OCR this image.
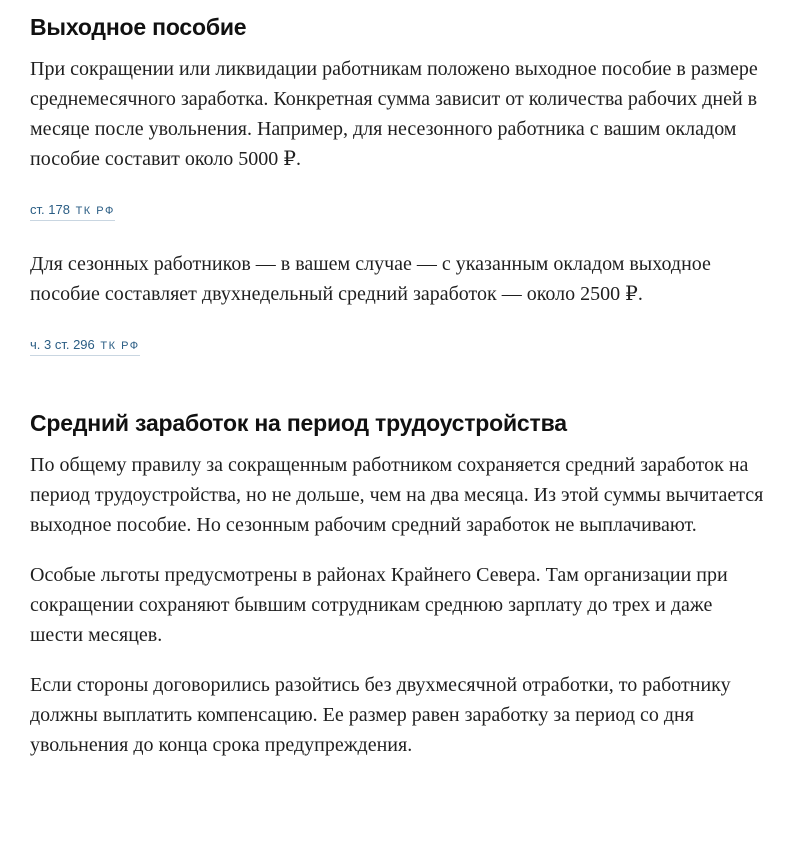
Выходное пособие

При сокращении или ликвидации работникам положено выходное пособие в размере среднемесячного заработка. Конкретная сумма зависит от количества рабочих дней в месяце после увольнения. Например, для несезонного работника с вашим окладом пособие составит около 5000 ₽.

ст. 178 ТК РФ

Для сезонных работников — в вашем случае — с указанным окладом выходное пособие составляет двухнедельный средний заработок — около 2500 ₽.

ч. 3 ст. 296 ТК РФ
Средний заработок на период трудоустройства

По общему правилу за сокращенным работником сохраняется средний заработок на период трудоустройства, но не дольше, чем на два месяца. Из этой суммы вычитается выходное пособие. Но сезонным рабочим средний заработок не выплачивают.

Особые льготы предусмотрены в районах Крайнего Севера. Там организации при сокращении сохраняют бывшим сотрудникам среднюю зарплату до трех и даже шести месяцев.

Если стороны договорились разойтись без двухмесячной отработки, то работнику должны выплатить компенсацию. Ее размер равен заработку за период со дня увольнения до конца срока предупреждения.
